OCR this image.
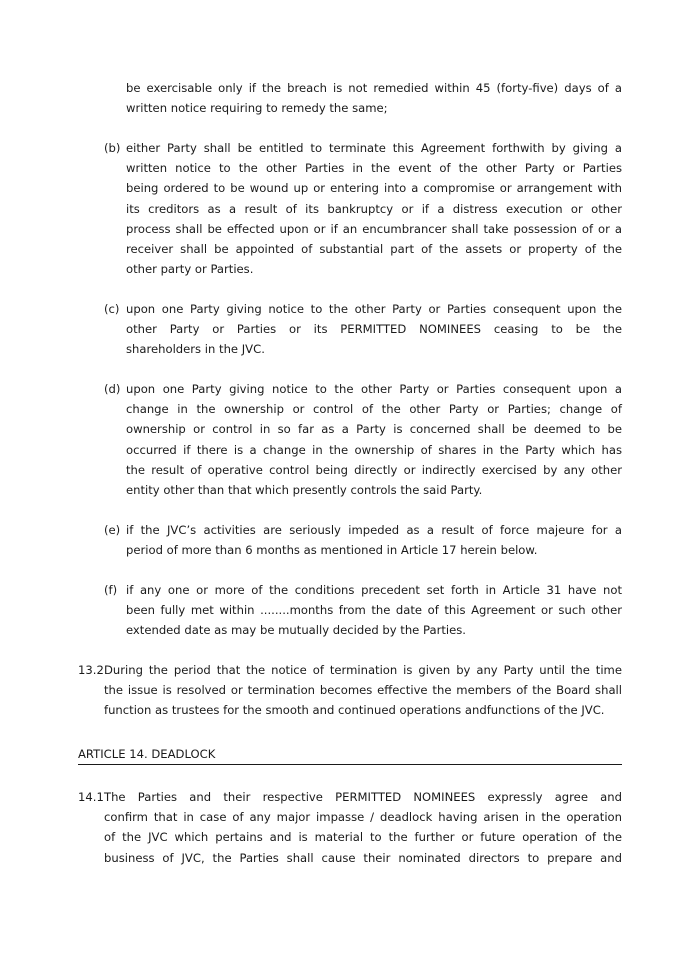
be exercisable only if the breach is not remedied within 45 (forty-five) days of a
written notice requiring to remedy the same;
(b) either Party shall be entitled to terminate this Agreement forthwith by giving a
written notice to the other Parties in the event of the other Party or Parties
being ordered to be wound up or entering into a compromise or arrangement with
its creditors as a result of its bankruptcy or if a distress execution or other
process shall be effected upon or if an encumbrancer shall take possession of or a
receiver shall be appointed of substantial part of the assets or property of the
other party or Parties.
(c) upon one Party giving notice to the other Party or Parties consequent upon the
other Party or Parties or its PERMITTED NOMINEES ceasing to be the
shareholders in the JVC.
(d) upon one Party giving notice to the other Party or Parties consequent upon a
change in the ownership or control of the other Party or Parties; change of
ownership or control in so far as a Party is concerned shall be deemed to be
occurred if there is a change in the ownership of shares in the Party which has
the result of operative control being directly or indirectly exercised by any other
entity other than that which presently controls the said Party.
(e) if the JVC’s activities are seriously impeded as a result of force majeure for a
period of more than 6 months as mentioned in Article 17 herein below.
(f) if any one or more of the conditions precedent set forth in Article 31 have not
been fully met within ........months from the date of this Agreement or such other
extended date as may be mutually decided by the Parties.
13.2 During the period that the notice of termination is given by any Party until the time
the issue is resolved or termination becomes effective the members of the Board shall
function as trustees for the smooth and continued operations andfunctions of the JVC.
ARTICLE 14. DEADLOCK
14.1 The Parties and their respective PERMITTED NOMINEES expressly agree and
confirm that in case of any major impasse / deadlock having arisen in the operation
of the JVC which pertains and is material to the further or future operation of the
business of JVC, the Parties shall cause their nominated directors to prepare and
